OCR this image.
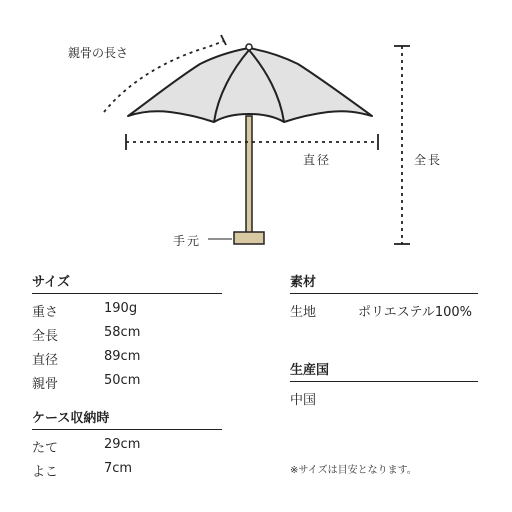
親骨の長さ
直径	全長
手元
サイズ
重さ	190g
全長	58cm
直径	89cm
親骨	50cm
ケース収納時
たて	29cm
よこ	7cm
素材
生地	ポリエステル100%
生産国
中国
※サイズは目安となります。
